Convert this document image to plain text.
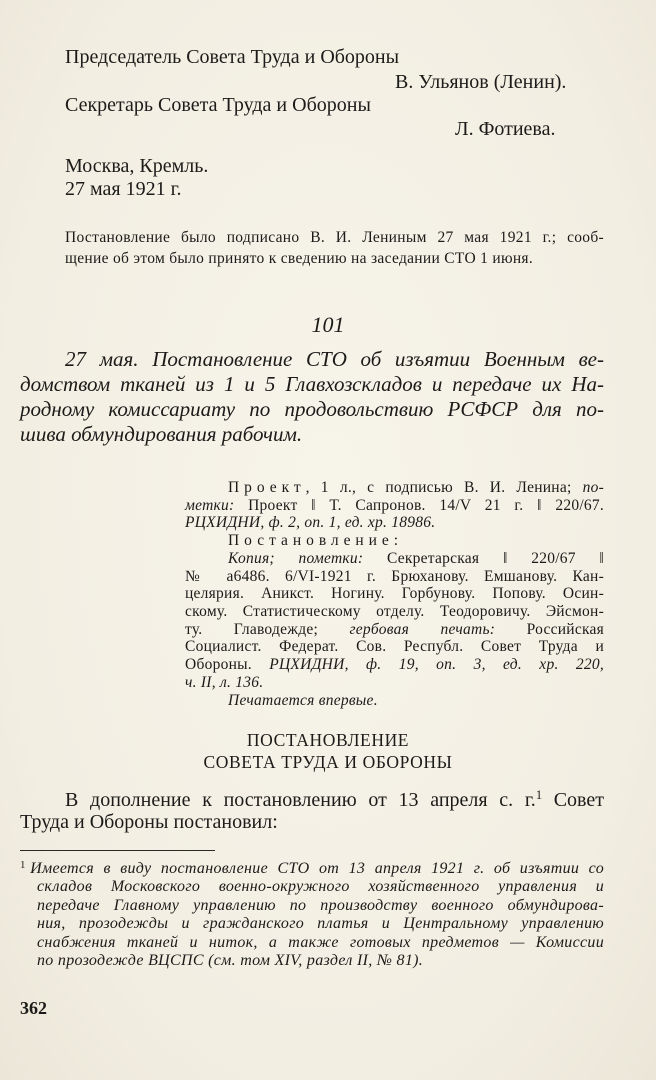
Председатель Совета Труда и Обороны
В. Ульянов (Ленин).
Секретарь Совета Труда и Обороны
Л. Фотиева.
Москва, Кремль.
27 мая 1921 г.
Постановление было подписано В. И. Лениным 27 мая 1921 г.; сооб-
щение об этом было принято к сведению на заседании СТО 1 июня.
101
27 мая. Постановление СТО об изъятии Военным ве-
домством тканей из 1 и 5 Главхозскладов и передаче их На-
родному комиссариату по продовольствию РСФСР для по-
шива обмундирования рабочим.
Проект, 1 л., с подписью В. И. Ленина; по-
метки: Проект ‖ Т. Сапронов. 14/V 21 г. ‖ 220/67.
РЦХИДНИ, ф. 2, оп. 1, ед. хр. 18986.
Постановление:
Копия; пометки: Секретарская ‖ 220/67 ‖
№ а6486. 6/VI-1921 г. Брюханову. Емшанову. Кан-
целярия. Аникст. Ногину. Горбунову. Попову. Осин-
скому. Статистическому отделу. Теодоровичу. Эйсмон-
ту. Главодежде; гербовая печать: Российская
Социалист. Федерат. Сов. Республ. Совет Труда и
Обороны. РЦХИДНИ, ф. 19, оп. 3, ед. хр. 220,
ч. II, л. 136.
Печатается впервые.
ПОСТАНОВЛЕНИЕ
СОВЕТА ТРУДА И ОБОРОНЫ
В дополнение к постановлению от 13 апреля с. г.$^1$ Совет
Труда и Обороны постановил:
$^1$ Имеется в виду постановление СТО от 13 апреля 1921 г. об изъятии со
складов Московского военно-окружного хозяйственного управления и
передаче Главному управлению по производству военного обмундирова-
ния, прозодежды и гражданского платья и Центральному управлению
снабжения тканей и ниток, а также готовых предметов — Комиссии
по прозодежде ВЦСПС (см. том XIV, раздел II, № 81).
362
